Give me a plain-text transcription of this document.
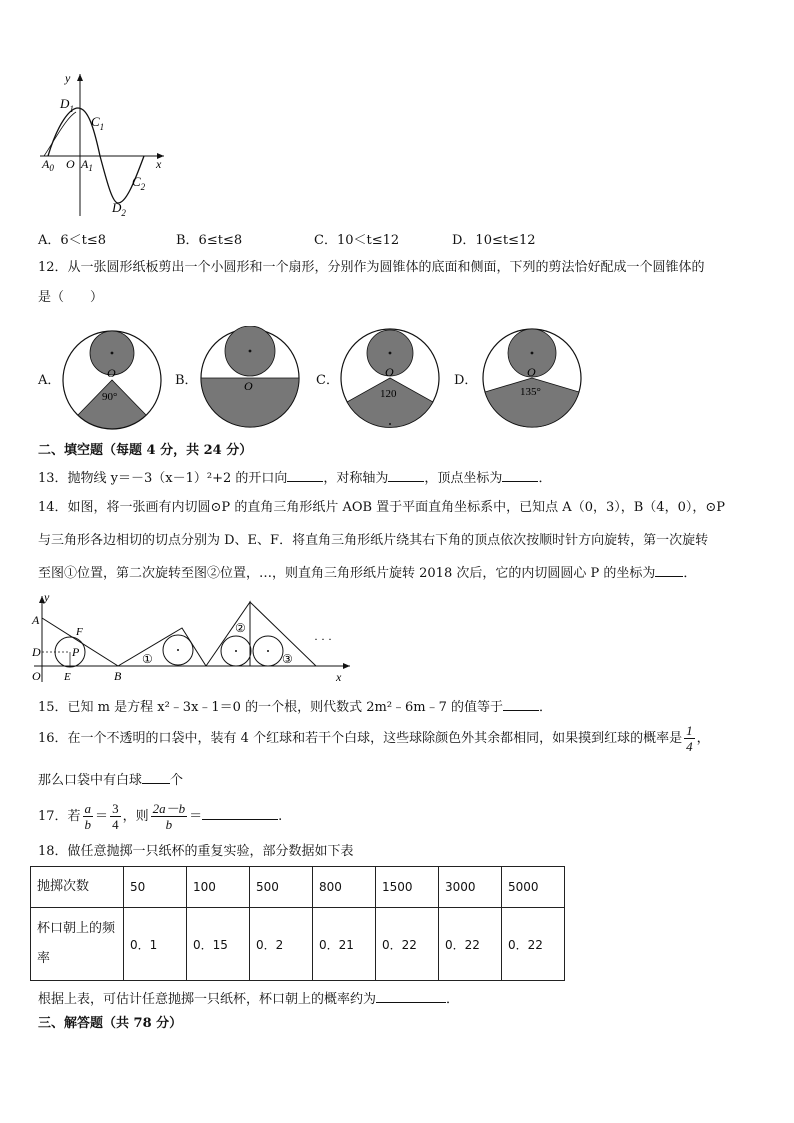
y
x
$D_1$
$C_1$
$A_0$ O $A_1$
$C_2$
$D_2$
A．6＜t≤8	B．6≤t≤8	C．10＜t≤12	D．10≤t≤12
12．从一张圆形纸板剪出一个小圆形和一个扇形，分别作为圆锥体的底面和侧面，下列的剪法恰好配成一个圆锥体的
是（　　）
A．	O
90°
B．	O	C．
O
120
D．
O
135°
二、填空题（每题 4 分，共 24 分）
13．抛物线 y＝－3（x－1）²+2 的开口向	，对称轴为	，顶点坐标为	．
14．如图，将一张画有内切圆⊙P 的直角三角形纸片 AOB 置于平面直角坐标系中，已知点 A（0，3），B（4，0），⊙P
与三角形各边相切的切点分别为 D、E、F．将直角三角形纸片绕其右下角的顶点依次按顺时针方向旋转，第一次旋转
至图①位置，第二次旋转至图②位置，…，则直角三角形纸片旋转 2018 次后，它的内切圆圆心 P 的坐标为 ．
y
x
A
F
D	P
O E	B
①
②
③
· · ·
15．已知 m 是方程 x²﹣3x﹣1＝0 的一个根，则代数式 2m²﹣6m﹣7 的值等于	．
16．在一个不透明的口袋中，装有 4 个红球和若干个白球，这些球除颜色外其余都相同，如果摸到红球的概率是 $\frac{1}{4}$ ，
那么口袋中有白球 个
17．若 $\frac{a}{b} = \frac{3}{4}$ ，则 $\frac{2a-b}{b}$ ＝	.
18．做任意抛掷一只纸杯的重复实验，部分数据如下表
抛掷次数	50	100	500	800	1500	3000	5000
杯口朝上的频率	0．1	0．15	0．2	0．21	0．22	0．22	0．22
根据上表，可估计任意抛掷一只纸杯，杯口朝上的概率约为	．
三、解答题（共 78 分）
